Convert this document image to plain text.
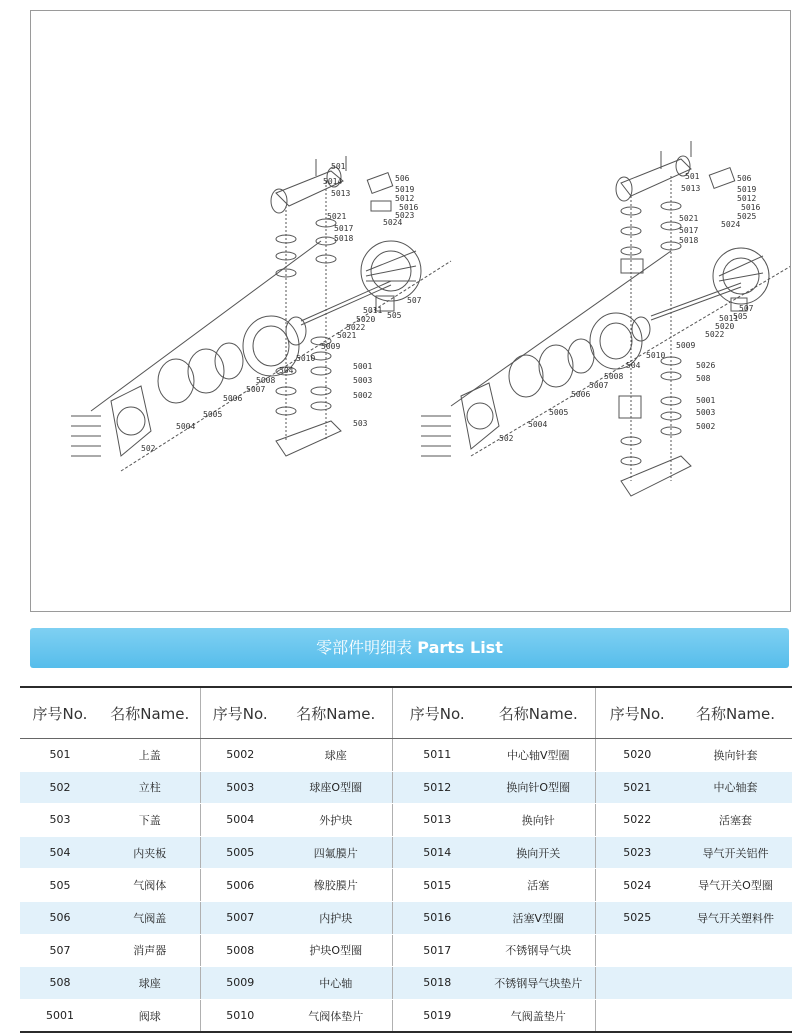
501
5014
5013
5021
5017
5018
506
5019
5012
5016
5023
5024
507
5011
5020
5022
5021
505
5009
5010
5001
5003
5002
503
504
5008
5007
5006
5005
5004
502
501
5013
5021
5017
5018
506
5019
5012
5016
5025
5024
507
5011
5020
5022
5009
505
5010
504	5026
508
5008
5007
5006
5005
5004
5001
5003
5002
502
零部件明细表 Parts List
序号No.	名称Name.	序号No.	名称Name.	序号No.	名称Name.	序号No.	名称Name.
501	上盖	5002	球座	5011	中心轴V型圈	5020	换向针套
502	立柱	5003	球座O型圈	5012	换向针O型圈	5021	中心轴套
503	下盖	5004	外护块	5013	换向针	5022	活塞套
504	内夹板	5005	四氟膜片	5014	换向开关	5023	导气开关铝件
505	气阀体	5006	橡胶膜片	5015	活塞	5024	导气开关O型圈
506	气阀盖	5007	内护块	5016	活塞V型圈	5025	导气开关塑料件
507	消声器	5008	护块O型圈	5017	不锈钢导气块		
508	球座	5009	中心轴	5018	不锈钢导气块垫片		
5001	阀球	5010	气阀体垫片	5019	气阀盖垫片		
